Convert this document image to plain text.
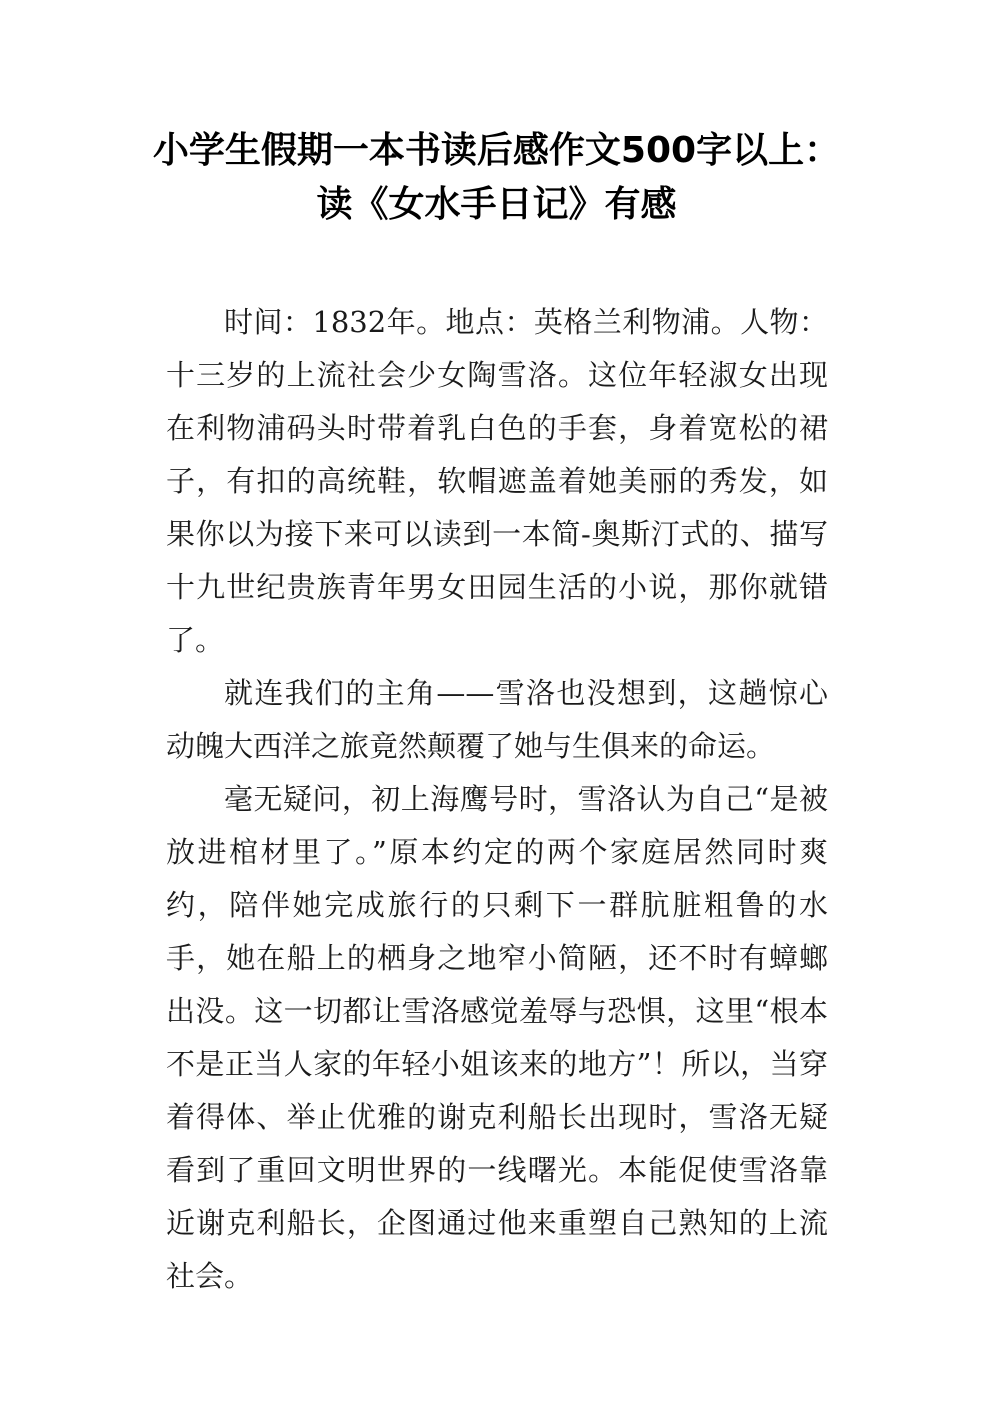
小学生假期一本书读后感作文500字以上：读《女水手日记》有感

时间：1832年。地点：英格兰利物浦。人物：十三岁的上流社会少女陶雪洛。这位年轻淑女出现在利物浦码头时带着乳白色的手套，身着宽松的裙子，有扣的高统鞋，软帽遮盖着她美丽的秀发，如果你以为接下来可以读到一本简-奥斯汀式的、描写十九世纪贵族青年男女田园生活的小说，那你就错了。

就连我们的主角——雪洛也没想到，这趟惊心动魄大西洋之旅竟然颠覆了她与生俱来的命运。

毫无疑问，初上海鹰号时，雪洛认为自己“是被放进棺材里了。”原本约定的两个家庭居然同时爽约，陪伴她完成旅行的只剩下一群肮脏粗鲁的水手，她在船上的栖身之地窄小简陋，还不时有蟑螂出没。这一切都让雪洛感觉羞辱与恐惧，这里“根本不是正当人家的年轻小姐该来的地方”！所以，当穿着得体、举止优雅的谢克利船长出现时，雪洛无疑看到了重回文明世界的一线曙光。本能促使雪洛靠近谢克利船长，企图通过他来重塑自己熟知的上流社会。
